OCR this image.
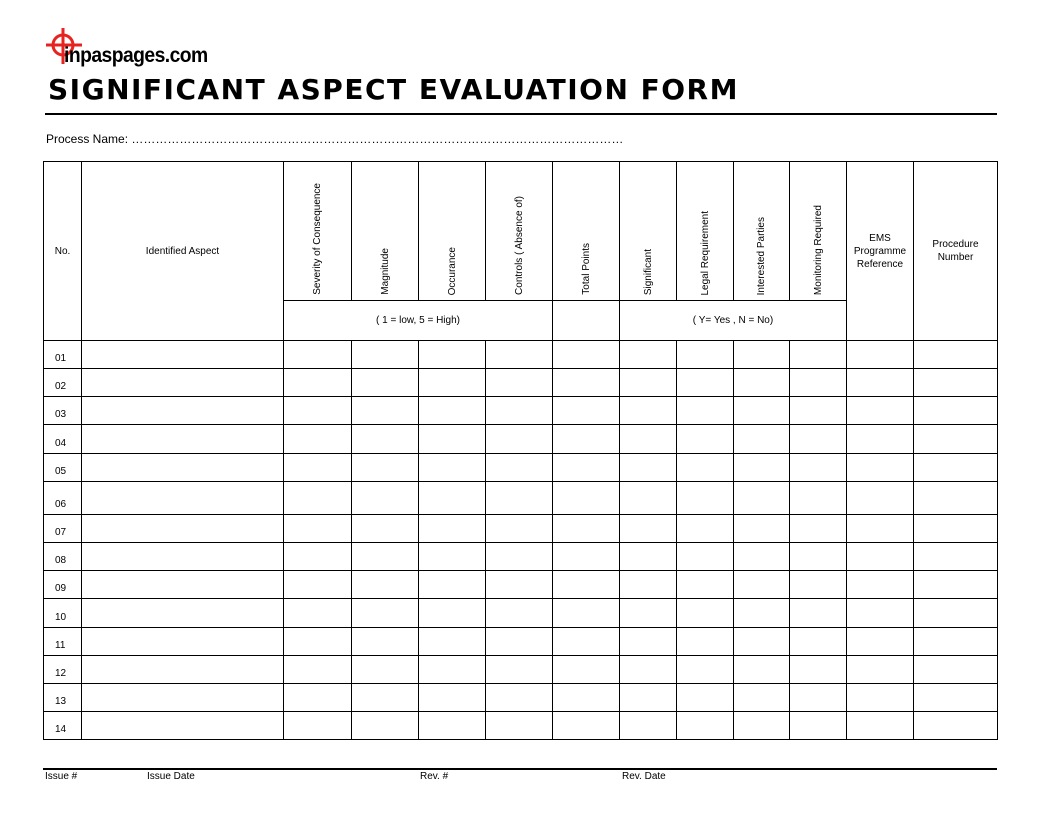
inpaspages.com
SIGNIFICANT ASPECT EVALUATION FORM
Process Name: ……………………………………………………………………………………………………………
No.	Identified Aspect	Severity of Consequence	Magnitude	Occurance	Controls ( Absence of)	Total Points	Significant	Legal Requirement	Interested Parties	Monitoring Required	EMS Programme Reference	Procedure Number
		( 1 = low, 5 = High)					( Y= Yes , N = No)					
01												
02												
03												
04												
05												
06												
07												
08												
09												
10												
11												
12												
13												
14												
Issue #	Issue Date	Rev. #	Rev. Date
